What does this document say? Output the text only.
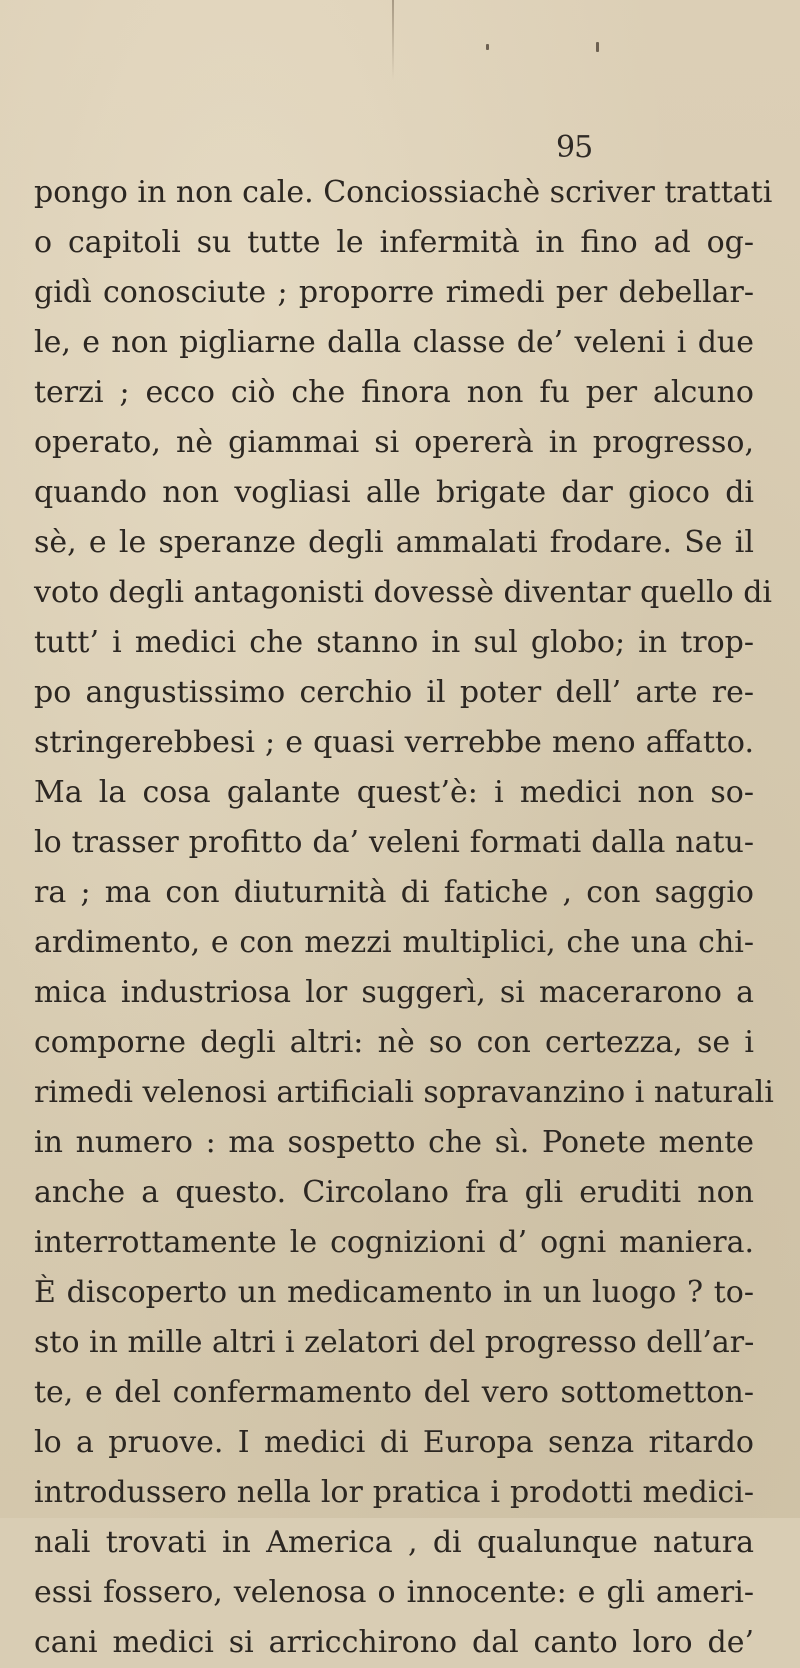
95
pongo in non cale. Conciossiachè scriver trattati
o capitoli su tutte le infermità in fino ad og-
gidì conosciute ; proporre rimedi per debellar-
le, e non pigliarne dalla classe de’ veleni i due
terzi ; ecco ciò che finora non fu per alcuno
operato, nè giammai si opererà in progresso,
quando non vogliasi alle brigate dar gioco di
sè, e le speranze degli ammalati frodare. Se il
voto degli antagonisti dovessè diventar quello di
tutt’ i medici che stanno in sul globo; in trop-
po angustissimo cerchio il poter dell’ arte re-
stringerebbesi ; e quasi verrebbe meno affatto.
Ma la cosa galante quest’è: i medici non so-
lo trasser profitto da’ veleni formati dalla natu-
ra ; ma con diuturnità di fatiche , con saggio
ardimento, e con mezzi multiplici, che una chi-
mica industriosa lor suggerì, si macerarono a
comporne degli altri: nè so con certezza, se i
rimedi velenosi artificiali sopravanzino i naturali
in numero : ma sospetto che sì. Ponete mente
anche a questo. Circolano fra gli eruditi non
interrottamente le cognizioni d’ ogni maniera.
È discoperto un medicamento in un luogo ? to-
sto in mille altri i zelatori del progresso dell’ar-
te, e del confermamento del vero sottometton-
lo a pruove. I medici di Europa senza ritardo
introdussero nella lor pratica i prodotti medici-
nali trovati in America , di qualunque natura
essi fossero, velenosa o innocente: e gli ameri-
cani medici si arricchirono dal canto loro de’
